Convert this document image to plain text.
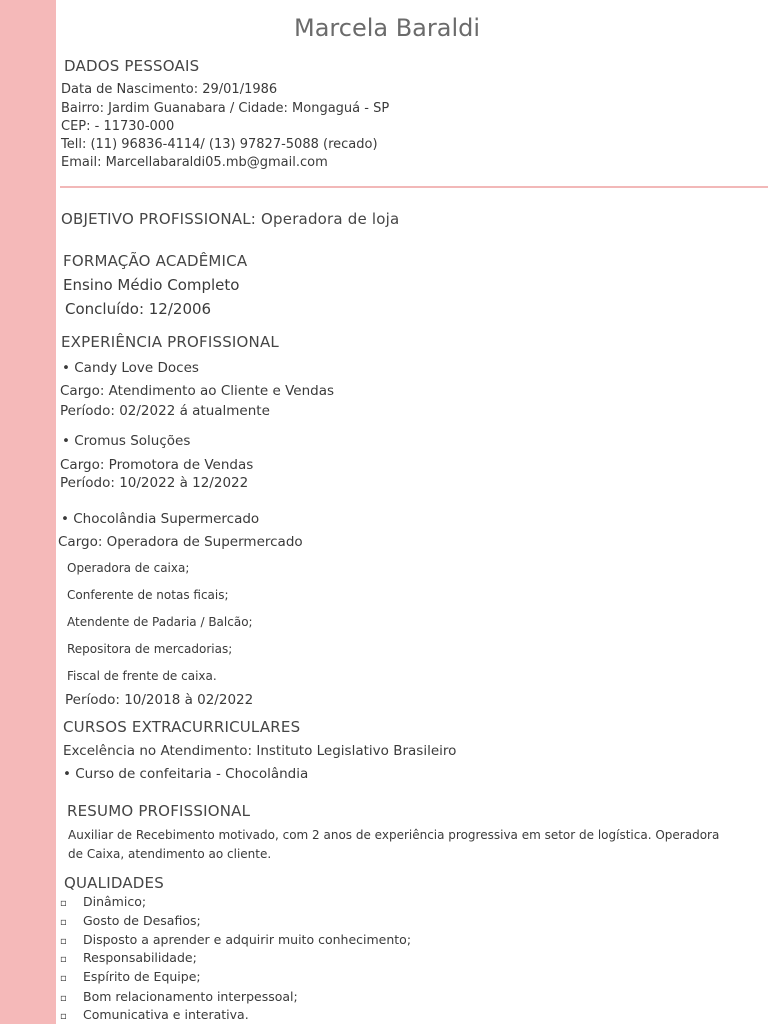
Marcela Baraldi
DADOS PESSOAIS
Data de Nascimento: 29/01/1986
Bairro: Jardim Guanabara / Cidade: Mongaguá - SP
CEP: - 11730-000
Tell: (11) 96836-4114/ (13) 97827-5088 (recado)
Email: Marcellabaraldi05.mb@gmail.com
OBJETIVO PROFISSIONAL: Operadora de loja
FORMAÇÃO ACADÊMICA
Ensino Médio Completo
Concluído: 12/2006
EXPERIÊNCIA PROFISSIONAL
• Candy Love Doces
Cargo: Atendimento ao Cliente e Vendas
Período: 02/2022 á atualmente
• Cromus Soluções
Cargo: Promotora de Vendas
Período: 10/2022 à 12/2022
• Chocolândia Supermercado
Cargo: Operadora de Supermercado
Operadora de caixa;
Conferente de notas ficais;
Atendente de Padaria / Balcão;
Repositora de mercadorias;
Fiscal de frente de caixa.
Período: 10/2018 à 02/2022
CURSOS EXTRACURRICULARES
Excelência no Atendimento: Instituto Legislativo Brasileiro
• Curso de confeitaria - Chocolândia
RESUMO PROFISSIONAL
Auxiliar de Recebimento motivado, com 2 anos de experiência progressiva em setor de logística. Operadora de Caixa, atendimento ao cliente.
QUALIDADES
▫ Dinâmico;
▫ Gosto de Desafios;
▫ Disposto a aprender e adquirir muito conhecimento;
▫ Responsabilidade;
▫ Espírito de Equipe;
▫ Bom relacionamento interpessoal;
▫ Comunicativa e interativa.
